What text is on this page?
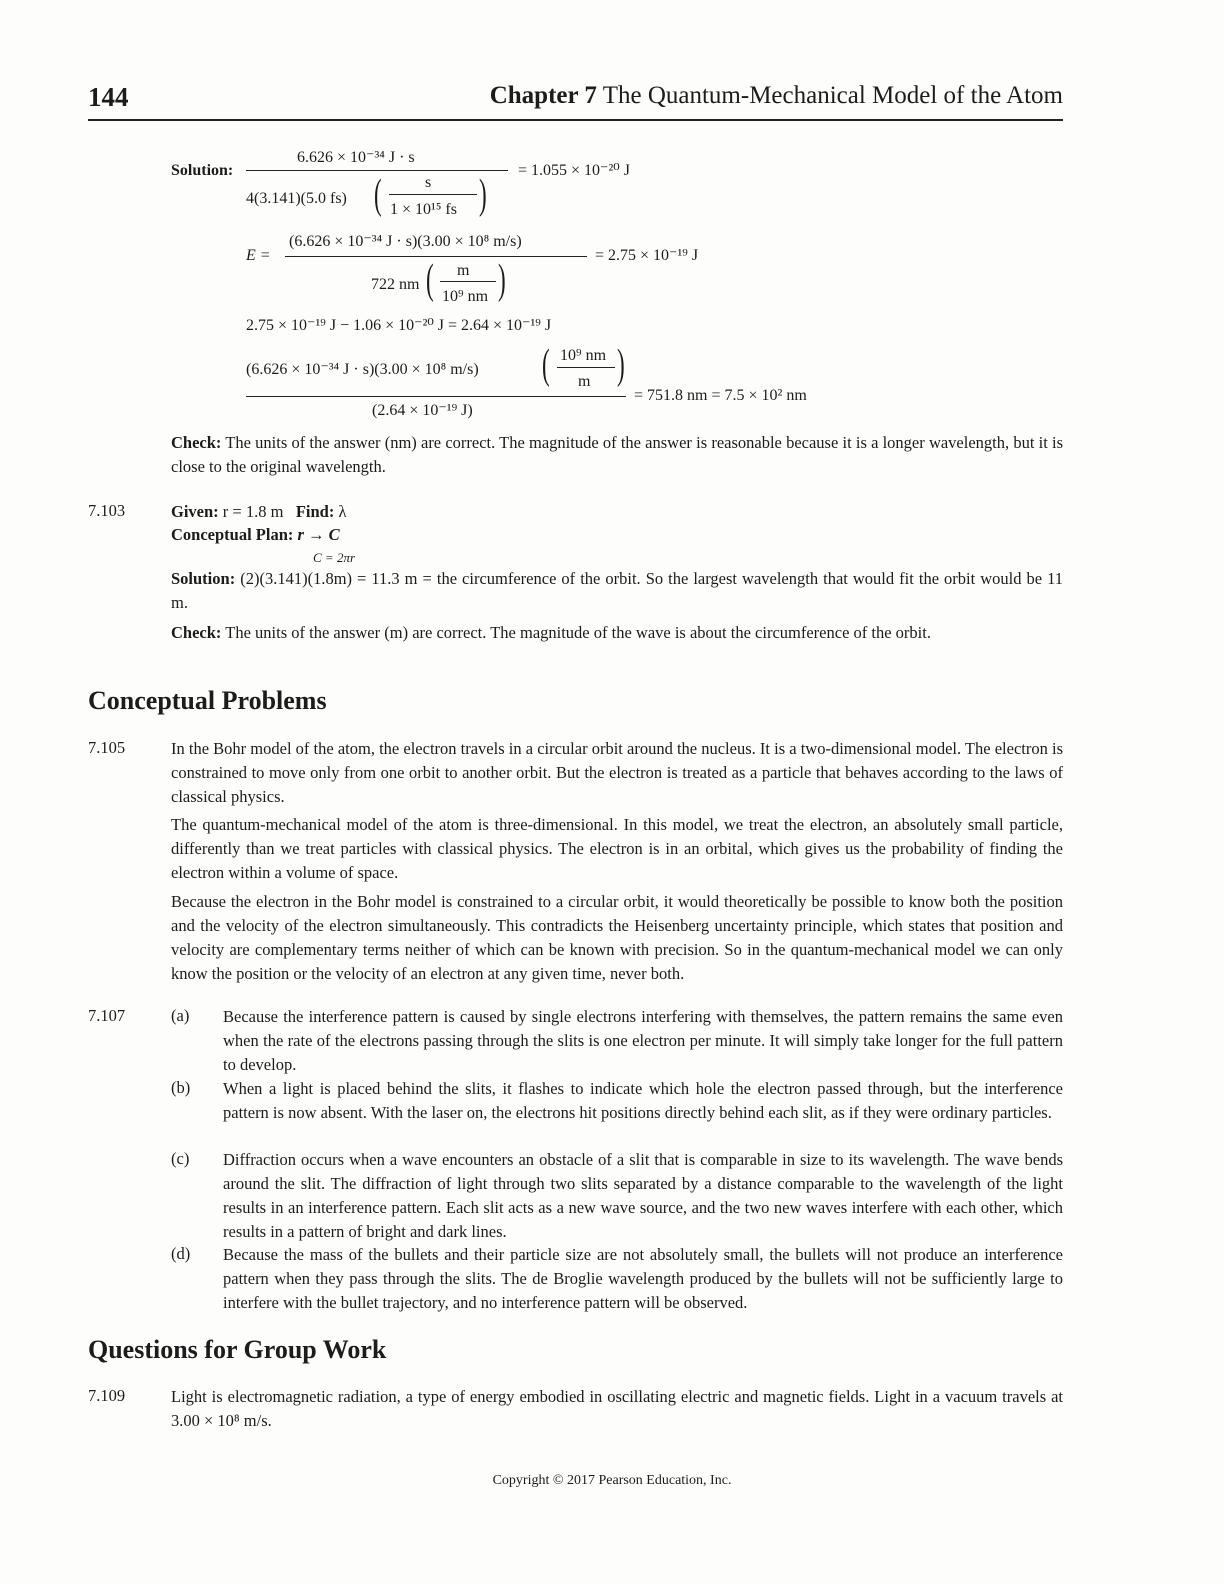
144	Chapter 7 The Quantum-Mechanical Model of the Atom
Solution:
6.626 × 10⁻³⁴ J · s
4(3.141)(5.0 fs) (	s
1 × 10¹⁵ fs )
= 1.055 × 10⁻²⁰ J
E =
(6.626 × 10⁻³⁴ J · s)(3.00 × 10⁸ m/s)
722 nm ( m
10⁹ nm )
= 2.75 × 10⁻¹⁹ J
2.75 × 10⁻¹⁹ J − 1.06 × 10⁻²⁰ J = 2.64 × 10⁻¹⁹ J
(6.626 × 10⁻³⁴ J · s)(3.00 × 10⁸ m/s) ( 10⁹ nm
m )
(2.64 × 10⁻¹⁹ J)
= 751.8 nm = 7.5 × 10² nm
Check: The units of the answer (nm) are correct. The magnitude of the answer is reasonable because it is a longer wavelength, but it is close to the original wavelength.
7.103	Given: r = 1.8 m Find: λ
Conceptual Plan: r → C
C = 2πr
Solution: (2)(3.141)(1.8m) = 11.3 m = the circumference of the orbit. So the largest wavelength that would fit the orbit would be 11 m.
Check: The units of the answer (m) are correct. The magnitude of the wave is about the circumference of the orbit.
Conceptual Problems
7.105	In the Bohr model of the atom, the electron travels in a circular orbit around the nucleus. It is a two-dimensional model. The electron is constrained to move only from one orbit to another orbit. But the electron is treated as a particle that behaves according to the laws of classical physics.
The quantum-mechanical model of the atom is three-dimensional. In this model, we treat the electron, an absolutely small particle, differently than we treat particles with classical physics. The electron is in an orbital, which gives us the probability of finding the electron within a volume of space.
Because the electron in the Bohr model is constrained to a circular orbit, it would theoretically be possible to know both the position and the velocity of the electron simultaneously. This contradicts the Heisenberg uncertainty principle, which states that position and velocity are complementary terms neither of which can be known with precision. So in the quantum-mechanical model we can only know the position or the velocity of an electron at any given time, never both.
7.107	(a) Because the interference pattern is caused by single electrons interfering with themselves, the pattern remains the same even when the rate of the electrons passing through the slits is one electron per minute. It will simply take longer for the full pattern to develop.
(b) When a light is placed behind the slits, it flashes to indicate which hole the electron passed through, but the interference pattern is now absent. With the laser on, the electrons hit positions directly behind each slit, as if they were ordinary particles.
(c) Diffraction occurs when a wave encounters an obstacle of a slit that is comparable in size to its wavelength. The wave bends around the slit. The diffraction of light through two slits separated by a distance comparable to the wavelength of the light results in an interference pattern. Each slit acts as a new wave source, and the two new waves interfere with each other, which results in a pattern of bright and dark lines.
(d) Because the mass of the bullets and their particle size are not absolutely small, the bullets will not produce an interference pattern when they pass through the slits. The de Broglie wavelength produced by the bullets will not be sufficiently large to interfere with the bullet trajectory, and no interference pattern will be observed.
Questions for Group Work
7.109	Light is electromagnetic radiation, a type of energy embodied in oscillating electric and magnetic fields. Light in a vacuum travels at 3.00 × 10⁸ m/s.
Copyright © 2017 Pearson Education, Inc.
